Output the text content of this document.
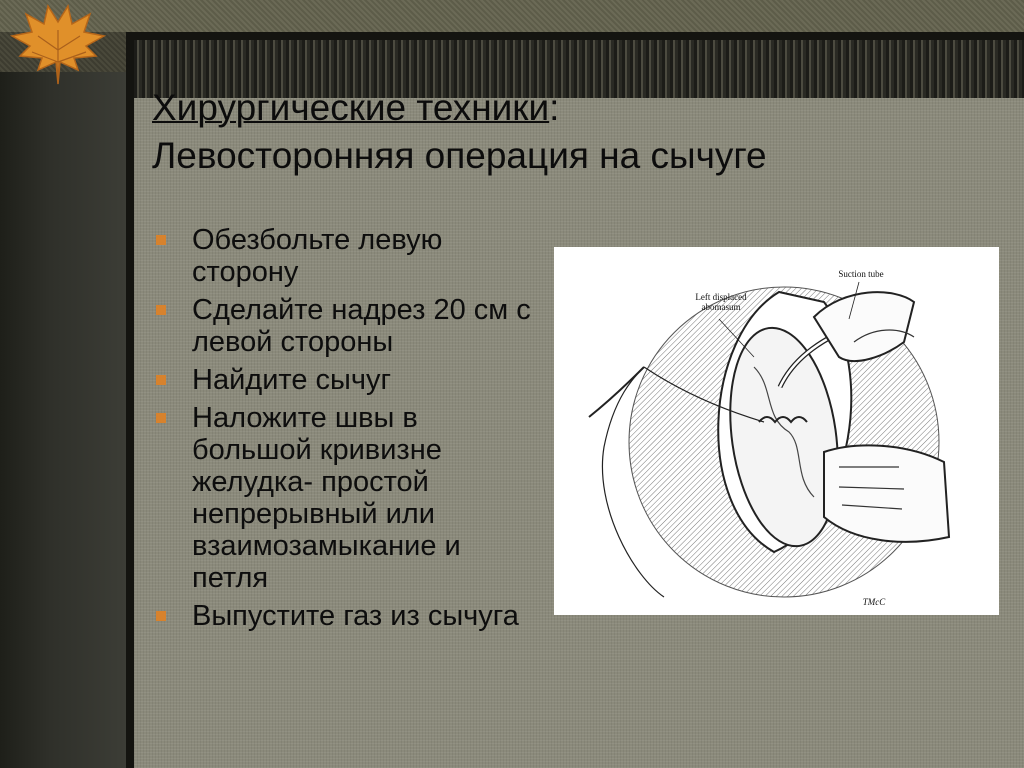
Хирургические техники:
Левосторонняя операция на сычуге
Обезбольте левую сторону
Сделайте надрез 20 см с левой стороны
Найдите сычуг
Наложите швы в большой кривизне желудка- простой непрерывный или взаимозамыкание и петля
Выпустите газ из сычуга
Left displaced abomasum
Suction tube
TMcC
